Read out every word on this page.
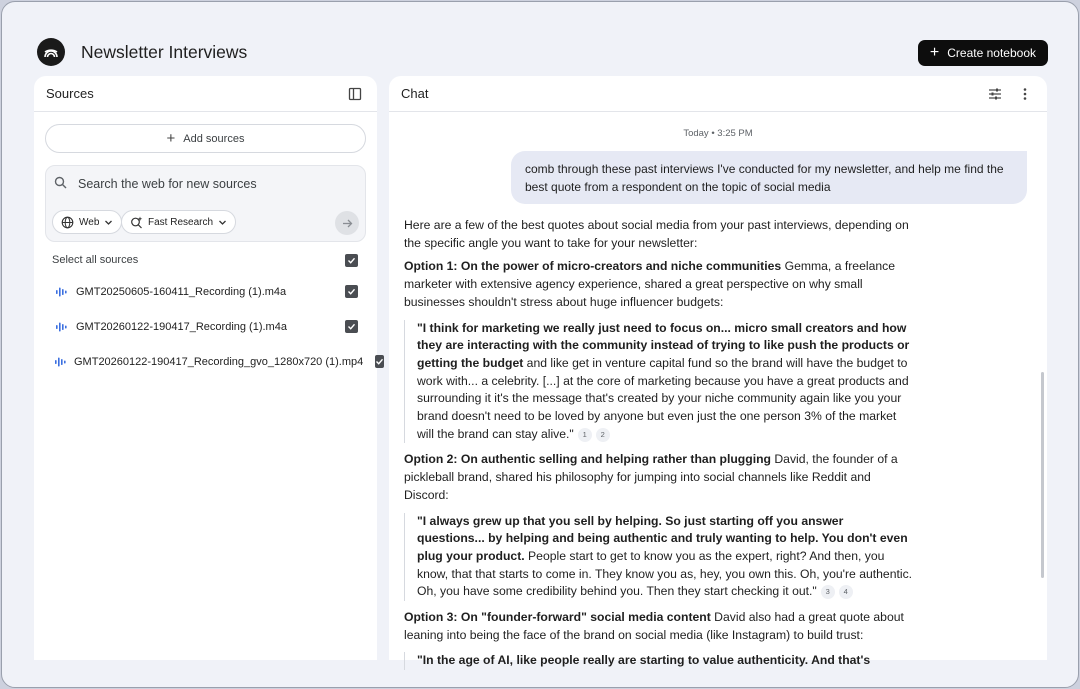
Newsletter Interviews	+ Create notebook
Sources
+ Add sources
Search the web for new sources
Web	Fast Research
Select all sources
GMT20250605-160411_Recording (1).m4a
GMT20260122-190417_Recording (1).m4a
GMT20260122-190417_Recording_gvo_1280x720 (1).mp4
Chat
Today • 3:25 PM
comb through these past interviews I've conducted for my newsletter, and help me find the best quote from a respondent on the topic of social media

Here are a few of the best quotes about social media from your past interviews, depending on the specific angle you want to take for your newsletter:

Option 1: On the power of micro-creators and niche communities Gemma, a freelance marketer with extensive agency experience, shared a great perspective on why small businesses shouldn't stress about huge influencer budgets:

"I think for marketing we really just need to focus on... micro small creators and how they are interacting with the community instead of trying to like push the products or getting the budget and like get in venture capital fund so the brand will have the budget to work with... a celebrity. [...] at the core of marketing because you have a great products and surrounding it it's the message that's created by your niche community again like you your brand doesn't need to be loved by anyone but even just the one person 3% of the market will the brand can stay alive." 1 2

Option 2: On authentic selling and helping rather than plugging David, the founder of a pickleball brand, shared his philosophy for jumping into social channels like Reddit and Discord:

"I always grew up that you sell by helping. So just starting off you answer questions... by helping and being authentic and truly wanting to help. You don't even plug your product. People start to get to know you as the expert, right? And then, you know, that that starts to come in. They know you as, hey, you own this. Oh, you're authentic. Oh, you have some credibility behind you. Then they start checking it out." 3 4

Option 3: On "founder-forward" social media content David also had a great quote about leaning into being the face of the brand on social media (like Instagram) to build trust:

"In the age of AI, like people really are starting to value authenticity. And that's
